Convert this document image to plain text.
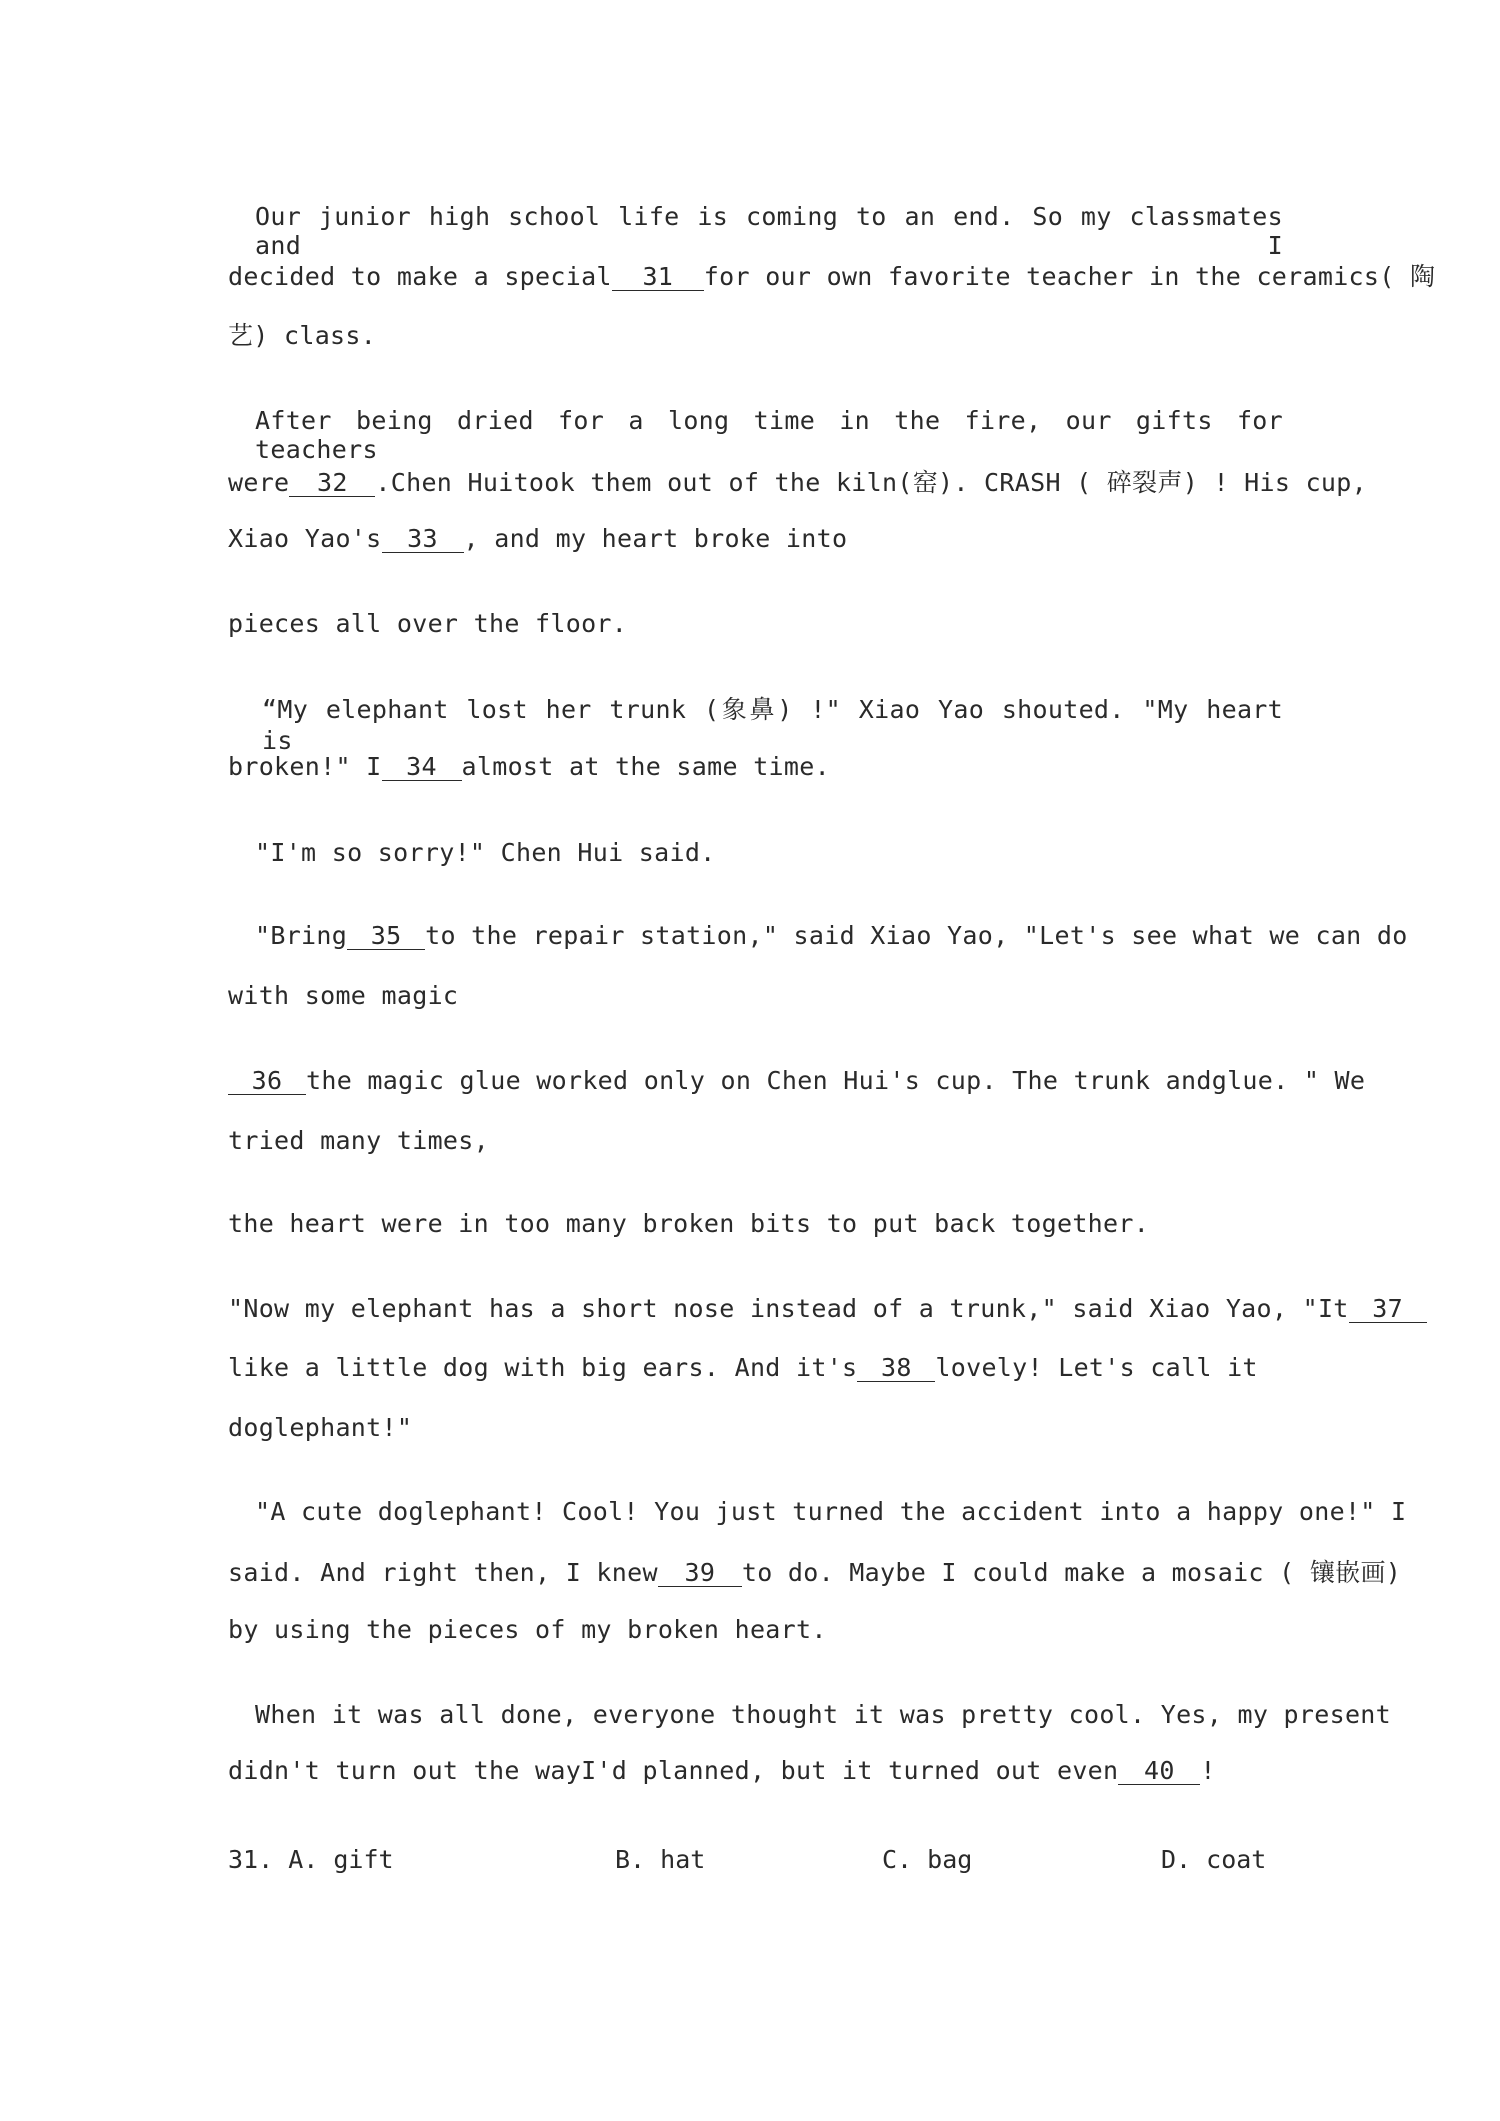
Our junior high school life is coming to an end. So my classmates and I
decided to make a special 31 for our own favorite teacher in the ceramics( 陶
艺) class.
After being dried for a long time in the fire, our gifts for teachers
were 32 .Chen Huitook them out of the kiln(窑). CRASH ( 碎裂声) ! His cup,
Xiao Yao's 33 , and my heart broke into
pieces all over the floor.
“My elephant lost her trunk (象鼻) !" Xiao Yao shouted. "My heart is
broken!" I 34 almost at the same time.
"I'm so sorry!" Chen Hui said.
"Bring 35 to the repair station," said Xiao Yao, "Let's see what we can do
with some magic
36 the magic glue worked only on Chen Hui's cup. The trunk andglue. " We
tried many times,
the heart were in too many broken bits to put back together.
"Now my elephant has a short nose instead of a trunk," said Xiao Yao, "It 37
like a little dog with big ears. And it's 38 lovely! Let's call it
doglephant!"
"A cute doglephant! Cool! You just turned the accident into a happy one!" I
said. And right then, I knew 39 to do. Maybe I could make a mosaic ( 镶嵌画)
by using the pieces of my broken heart.
When it was all done, everyone thought it was pretty cool. Yes, my present
didn't turn out the wayI'd planned, but it turned out even 40 !
31. A. gift	B. hat	C. bag	D. coat
